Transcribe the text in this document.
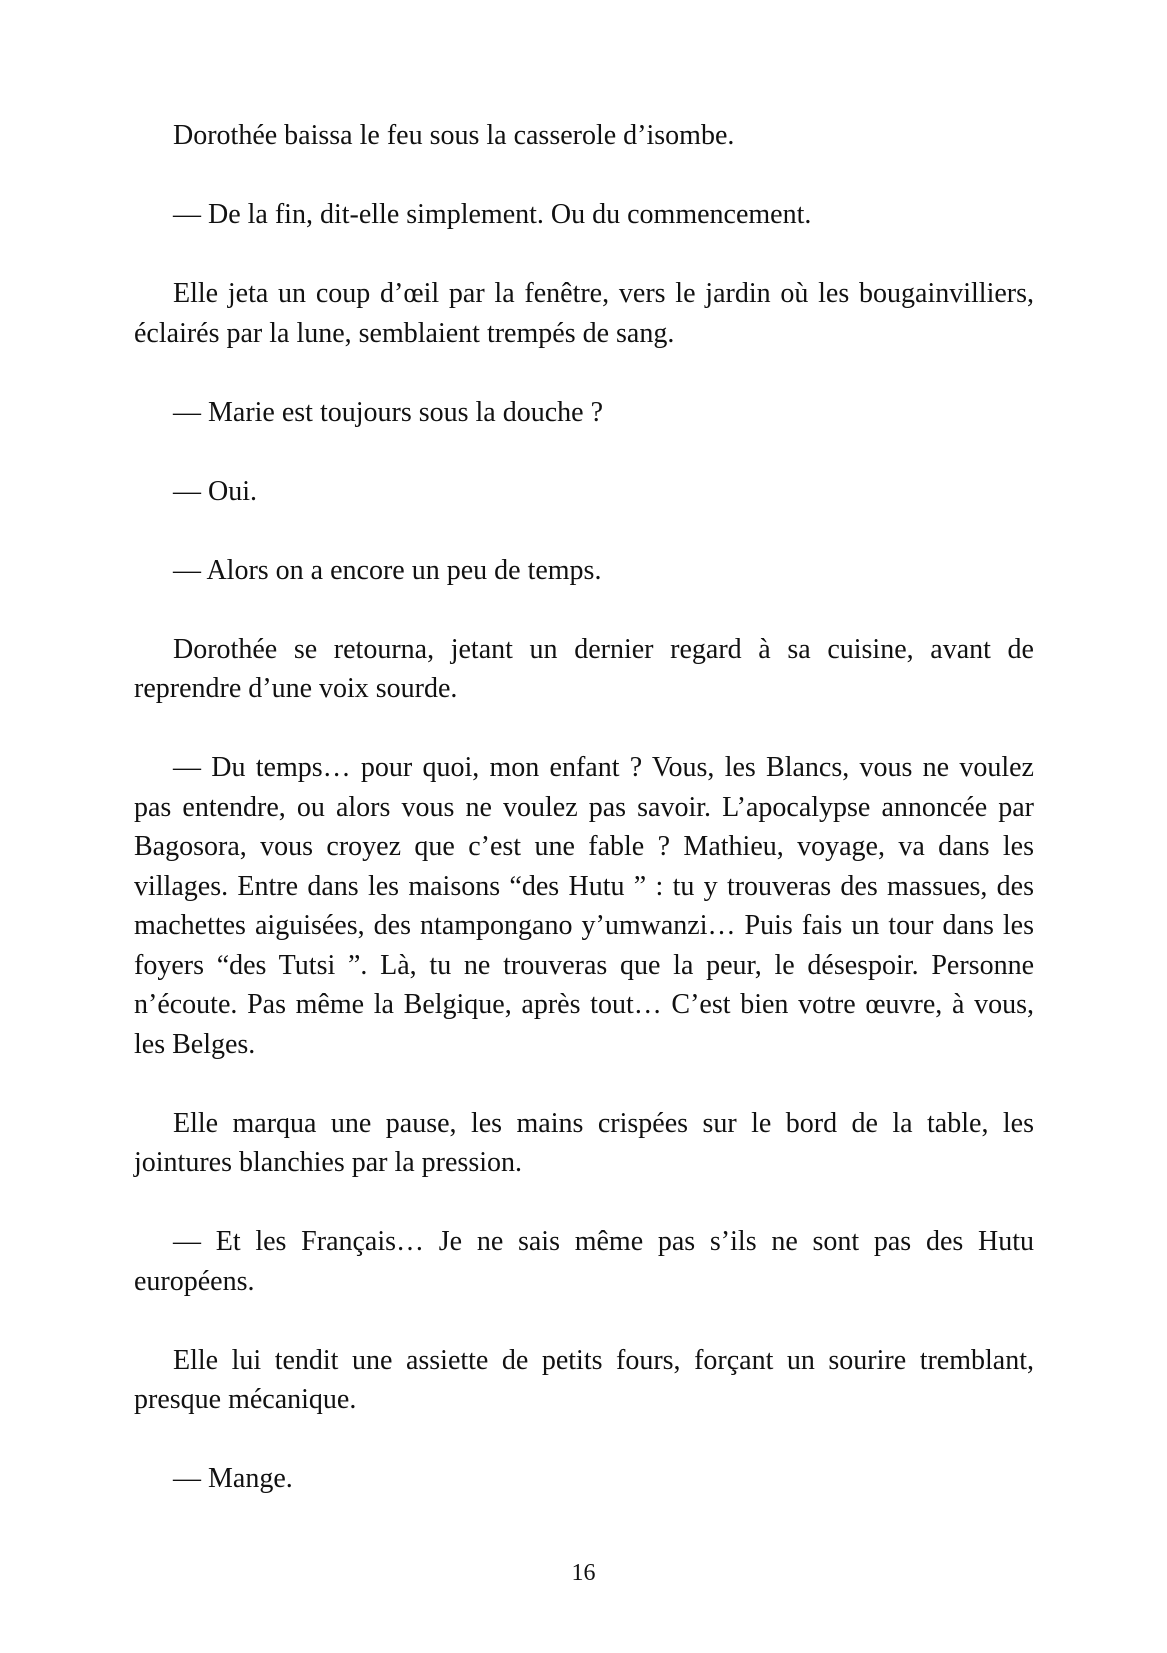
Dorothée baissa le feu sous la casserole d’isombe.

— De la fin, dit-elle simplement. Ou du commencement.

Elle jeta un coup d’œil par la fenêtre, vers le jardin où les bougainvilliers, éclairés par la lune, semblaient trempés de sang.

— Marie est toujours sous la douche ?

— Oui.

— Alors on a encore un peu de temps.

Dorothée se retourna, jetant un dernier regard à sa cuisine, avant de reprendre d’une voix sourde.

— Du temps… pour quoi, mon enfant ? Vous, les Blancs, vous ne voulez pas entendre, ou alors vous ne voulez pas savoir. L’apocalypse annoncée par Bagosora, vous croyez que c’est une fable ? Mathieu, voyage, va dans les villages. Entre dans les maisons “des Hutu ” : tu y trouveras des massues, des machettes aiguisées, des ntampongano y’umwanzi… Puis fais un tour dans les foyers “des Tutsi ”. Là, tu ne trouveras que la peur, le désespoir. Personne n’écoute. Pas même la Belgique, après tout… C’est bien votre œuvre, à vous, les Belges.

Elle marqua une pause, les mains crispées sur le bord de la table, les jointures blanchies par la pression.

— Et les Français… Je ne sais même pas s’ils ne sont pas des Hutu européens.

Elle lui tendit une assiette de petits fours, forçant un sourire tremblant, presque mécanique.

— Mange.

16
